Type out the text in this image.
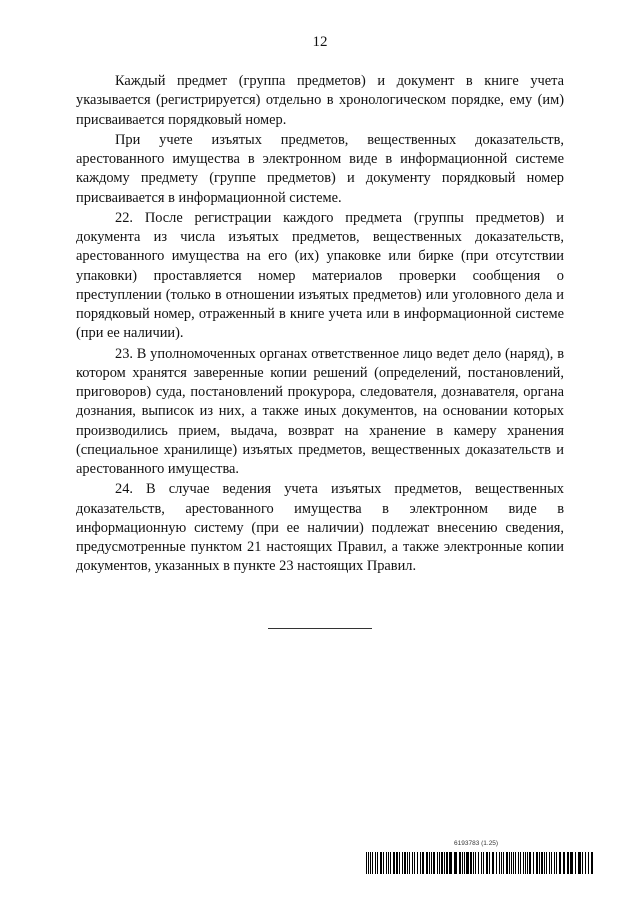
12

Каждый предмет (группа предметов) и документ в книге учета указывается (регистрируется) отдельно в хронологическом порядке, ему (им) присваивается порядковый номер.

При учете изъятых предметов, вещественных доказательств, арестованного имущества в электронном виде в информационной системе каждому предмету (группе предметов) и документу порядковый номер присваивается в информационной системе.

22. После регистрации каждого предмета (группы предметов) и документа из числа изъятых предметов, вещественных доказательств, арестованного имущества на его (их) упаковке или бирке (при отсутствии упаковки) проставляется номер материалов проверки сообщения о преступлении (только в отношении изъятых предметов) или уголовного дела и порядковый номер, отраженный в книге учета или в информационной системе (при ее наличии).

23. В уполномоченных органах ответственное лицо ведет дело (наряд), в котором хранятся заверенные копии решений (определений, постановлений, приговоров) суда, постановлений прокурора, следователя, дознавателя, органа дознания, выписок из них, а также иных документов, на основании которых производились прием, выдача, возврат на хранение в камеру хранения (специальное хранилище) изъятых предметов, вещественных доказательств и арестованного имущества.

24. В случае ведения учета изъятых предметов, вещественных доказательств, арестованного имущества в электронном виде в информационную систему (при ее наличии) подлежат внесению сведения, предусмотренные пунктом 21 настоящих Правил, а также электронные копии документов, указанных в пункте 23 настоящих Правил.

6193783 (1.25)
